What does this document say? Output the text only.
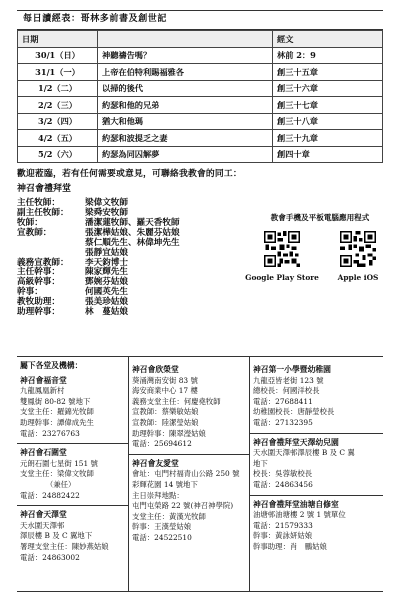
每日讀經表：哥林多前書及創世記
日期		經文
30/1（日）	神聽禱告嗎？	林前 2：9
31/1（一）	上帝在伯特利賜福雅各	創三十五章
1/2（二）	以掃的後代	創三十六章
2/2（三）	約瑟和他的兄弟	創三十七章
3/2（四）	猶大和他瑪	創三十八章
4/2（五）	約瑟和波提乏之妻	創三十九章
5/2（六）	約瑟為同囚解夢	創四十章
歡迎蒞臨，若有任何需要或意見，可聯絡我教會的同工：
神召會禮拜堂
主任牧師：	梁偉文牧師
副主任牧師：	梁舜安牧師
牧師：	潘潔蓮牧師、羅天香牧師
宣教師：	張潔樺姑娘、朱麗芬姑娘
蔡仁順先生、林偉坤先生
張靜宜姑娘
義務宣教師：	李天鈞博士
主任幹事：	陳家輝先生
高級幹事：	鄧婉芬姑娘
幹事：	何國英先生
教牧助理：	張美珍姑娘
助理幹事：	林　蔓姑娘
教會手機及平板電腦應用程式
Google Play Store	Apple iOS
屬下各堂及機構：
神召會福音堂
九龍鳳凰新村
雙鳳街 80-82 號地下
支堂主任：羅錦光牧師
助理幹事：譚偉成先生
電話：23276763
神召會石圍堂
元朗石圍七星街 151 號
支堂主任：梁偉文牧師
　　　　（兼任）
電話：24882422
神召會天澤堂
天水圍天澤邨
澤辰樓 B 及 C 翼地下
署理支堂主任：陳妙燕姑娘
電話：24863002
神召會欣榮堂
葵涌灣南安街 83 號
海安商業中心 17 樓
義務支堂主任：何慶堯牧師
宣教師：蔡樂敏姑娘
宣教師：陸潔瑩姑娘
助理幹事：陳翠瀅姑娘
電話：25694612
神召會友愛堂
會址：屯門村福青山公路 250 號
彩輝花園 14 號地下
主日崇拜地點：
屯門屯榮路 22 號(神召神學院)
支堂主任：黃漢光牧師
幹事：王漢瑩姑娘
電話：24522510
神召第一小學暨幼稚園
九龍亞皆老街 123 號
總校長：何國洋校長
電話：27688411
幼稚園校長：唐靜瑩校長
電話：27132395
神召會禮拜堂天澤幼兒園
天水圍天澤邨澤辰樓 B 及 C 翼
地下
校長：吳蓉敏校長
電話：24863456
神召會禮拜堂油塘自修室
油塘邨油塘樓 2 號 1 號單位
電話：21579333
幹事：黃詠妍姑娘
幹事助理：肖　鵬姑娘
